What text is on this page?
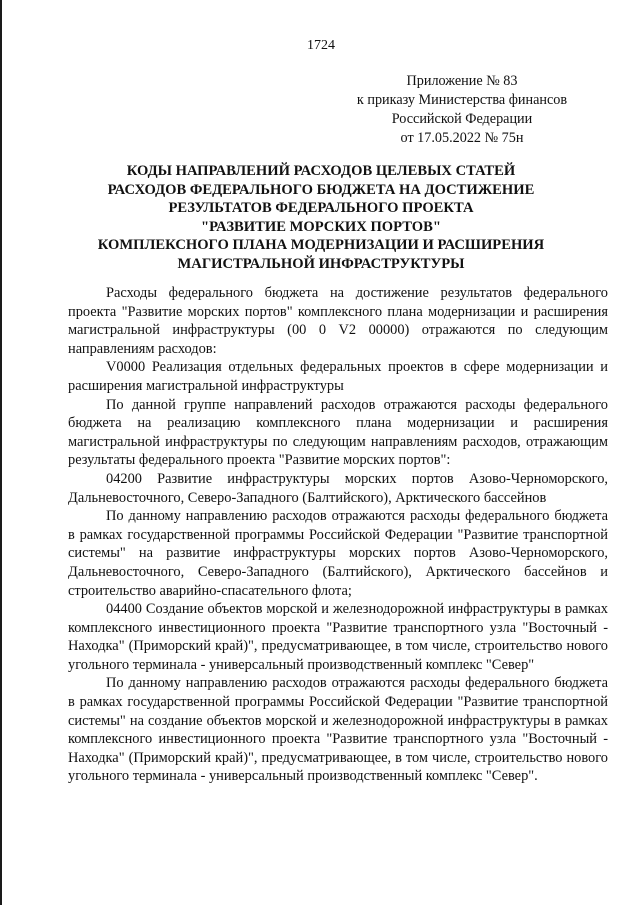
1724
Приложение № 83
к приказу Министерства финансов
Российской Федерации
от 17.05.2022 № 75н
КОДЫ НАПРАВЛЕНИЙ РАСХОДОВ ЦЕЛЕВЫХ СТАТЕЙ
РАСХОДОВ ФЕДЕРАЛЬНОГО БЮДЖЕТА НА ДОСТИЖЕНИЕ
РЕЗУЛЬТАТОВ ФЕДЕРАЛЬНОГО ПРОЕКТА
"РАЗВИТИЕ МОРСКИХ ПОРТОВ"
КОМПЛЕКСНОГО ПЛАНА МОДЕРНИЗАЦИИ И РАСШИРЕНИЯ
МАГИСТРАЛЬНОЙ ИНФРАСТРУКТУРЫ

Расходы федерального бюджета на достижение результатов федерального проекта "Развитие морских портов" комплексного плана модернизации и расширения магистральной инфраструктуры (00 0 V2 00000) отражаются по следующим направлениям расходов:

V0000 Реализация отдельных федеральных проектов в сфере модернизации и расширения магистральной инфраструктуры

По данной группе направлений расходов отражаются расходы федерального бюджета на реализацию комплексного плана модернизации и расширения магистральной инфраструктуры по следующим направлениям расходов, отражающим результаты федерального проекта "Развитие морских портов":

04200 Развитие инфраструктуры морских портов Азово-Черноморского, Дальневосточного, Северо-Западного (Балтийского), Арктического бассейнов

По данному направлению расходов отражаются расходы федерального бюджета в рамках государственной программы Российской Федерации "Развитие транспортной системы" на развитие инфраструктуры морских портов Азово-Черноморского, Дальневосточного, Северо-Западного (Балтийского), Арктического бассейнов и строительство аварийно-спасательного флота;

04400 Создание объектов морской и железнодорожной инфраструктуры в рамках комплексного инвестиционного проекта "Развитие транспортного узла "Восточный - Находка" (Приморский край)", предусматривающее, в том числе, строительство нового угольного терминала - универсальный производственный комплекс "Север"

По данному направлению расходов отражаются расходы федерального бюджета в рамках государственной программы Российской Федерации "Развитие транспортной системы" на создание объектов морской и железнодорожной инфраструктуры в рамках комплексного инвестиционного проекта "Развитие транспортного узла "Восточный - Находка" (Приморский край)", предусматривающее, в том числе, строительство нового угольного терминала - универсальный производственный комплекс "Север".
